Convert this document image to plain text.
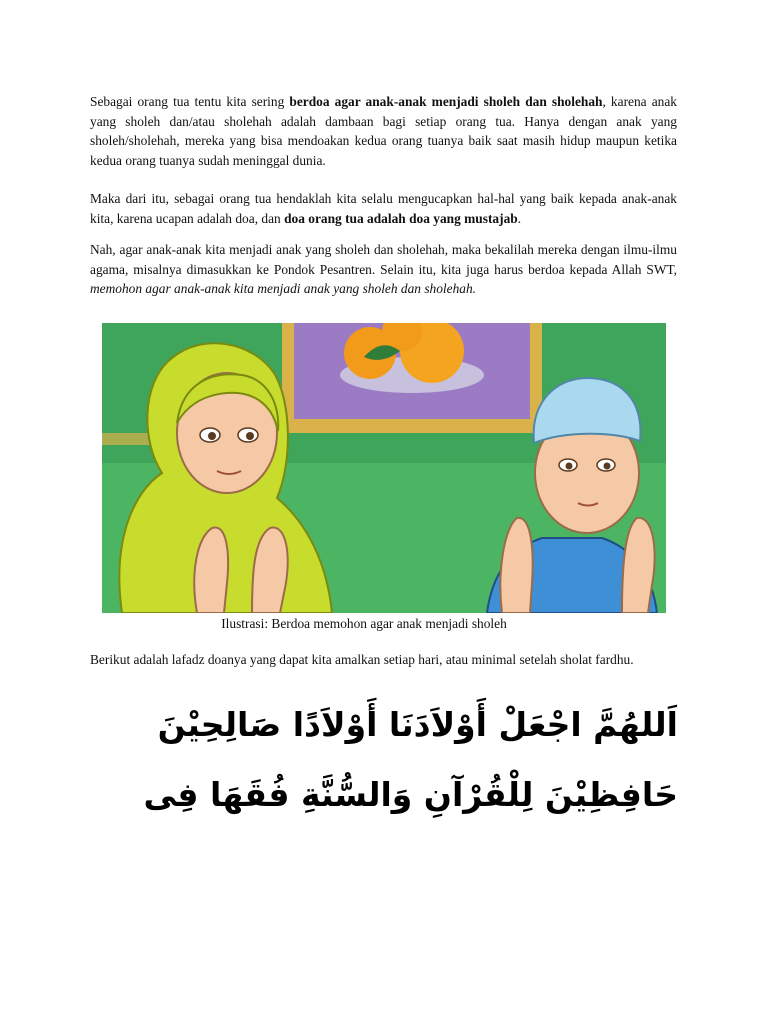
Sebagai orang tua tentu kita sering berdoa agar anak-anak menjadi sholeh dan sholehah, karena anak yang sholeh dan/atau sholehah adalah dambaan bagi setiap orang tua. Hanya dengan anak yang sholeh/sholehah, mereka yang bisa mendoakan kedua orang tuanya baik saat masih hidup maupun ketika kedua orang tuanya sudah meninggal dunia.

Maka dari itu, sebagai orang tua hendaklah kita selalu mengucapkan hal-hal yang baik kepada anak-anak kita, karena ucapan adalah doa, dan doa orang tua adalah doa yang mustajab.

Nah, agar anak-anak kita menjadi anak yang sholeh dan sholehah, maka bekalilah mereka dengan ilmu-ilmu agama, misalnya dimasukkan ke Pondok Pesantren. Selain itu, kita juga harus berdoa kepada Allah SWT, memohon agar anak-anak kita menjadi anak yang sholeh dan sholehah.

Ilustrasi: Berdoa memohon agar anak menjadi sholeh

Berikut adalah lafadz doanya yang dapat kita amalkan setiap hari, atau minimal setelah sholat fardhu.

اَللهُمَّ اجْعَلْ أَوْلاَدَنَا أَوْلاَدًا صَالِحِيْنَ
حَافِظِيْنَ لِلْقُرْآنِ وَالسُّنَّةِ فُقَهَا فِى
